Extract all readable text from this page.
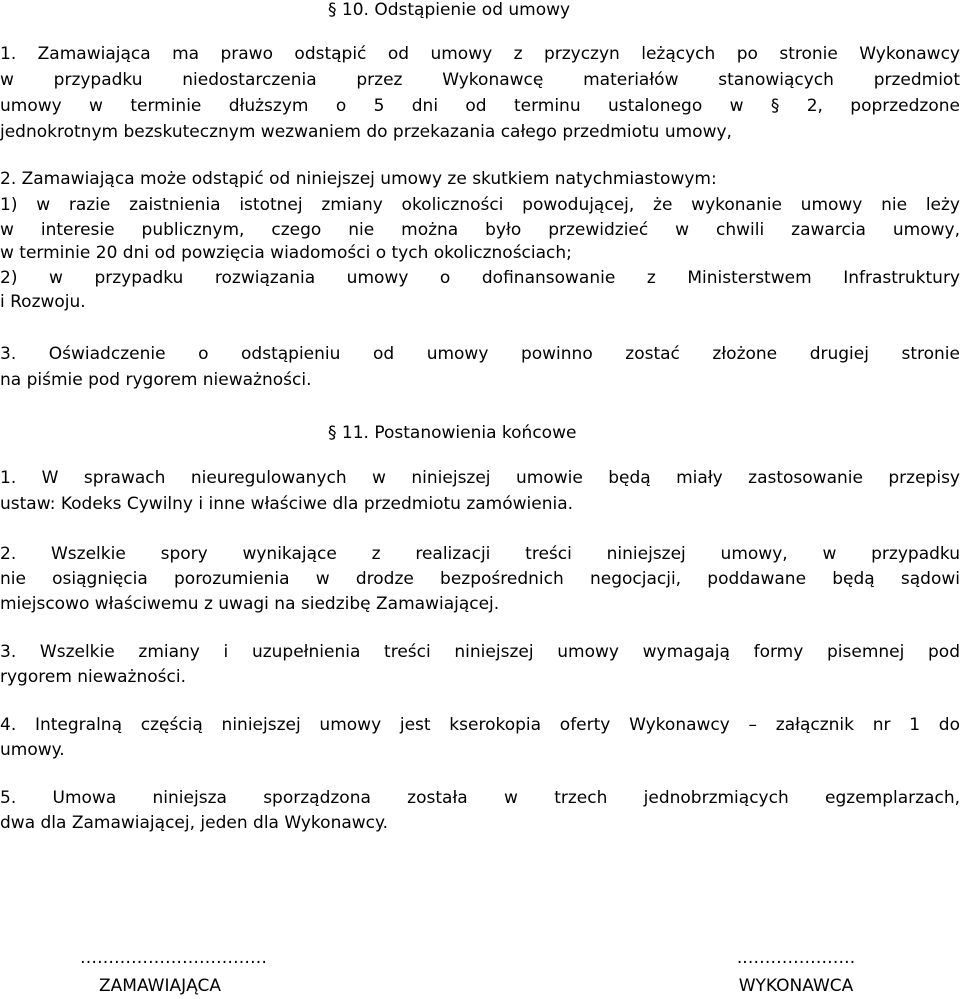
§ 10. Odstąpienie od umowy
1. Zamawiająca ma prawo odstąpić od umowy z przyczyn leżących po stronie Wykonawcy
w przypadku niedostarczenia przez Wykonawcę materiałów stanowiących przedmiot
umowy w terminie dłuższym o 5 dni od terminu ustalonego w § 2, poprzedzone
jednokrotnym bezskutecznym wezwaniem do przekazania całego przedmiotu umowy,
2. Zamawiająca może odstąpić od niniejszej umowy ze skutkiem natychmiastowym:
1) w razie zaistnienia istotnej zmiany okoliczności powodującej, że wykonanie umowy nie leży
w interesie publicznym, czego nie można było przewidzieć w chwili zawarcia umowy,
w terminie 20 dni od powzięcia wiadomości o tych okolicznościach;
2) w przypadku rozwiązania umowy o dofinansowanie z Ministerstwem Infrastruktury
i Rozwoju.
3. Oświadczenie o odstąpieniu od umowy powinno zostać złożone drugiej stronie
na piśmie pod rygorem nieważności.
§ 11. Postanowienia końcowe
1. W sprawach nieuregulowanych w niniejszej umowie będą miały zastosowanie przepisy
ustaw: Kodeks Cywilny i inne właściwe dla przedmiotu zamówienia.
2. Wszelkie spory wynikające z realizacji treści niniejszej umowy, w przypadku
nie osiągnięcia porozumienia w drodze bezpośrednich negocjacji, poddawane będą sądowi
miejscowo właściwemu z uwagi na siedzibę Zamawiającej.
3. Wszelkie zmiany i uzupełnienia treści niniejszej umowy wymagają formy pisemnej pod
rygorem nieważności.
4. Integralną częścią niniejszej umowy jest kserokopia oferty Wykonawcy – załącznik nr 1 do
umowy.
5. Umowa niniejsza sporządzona została w trzech jednobrzmiących egzemplarzach,
dwa dla Zamawiającej, jeden dla Wykonawcy.
……………………………
ZAMAWIAJĄCA
..……………….
WYKONAWCA
